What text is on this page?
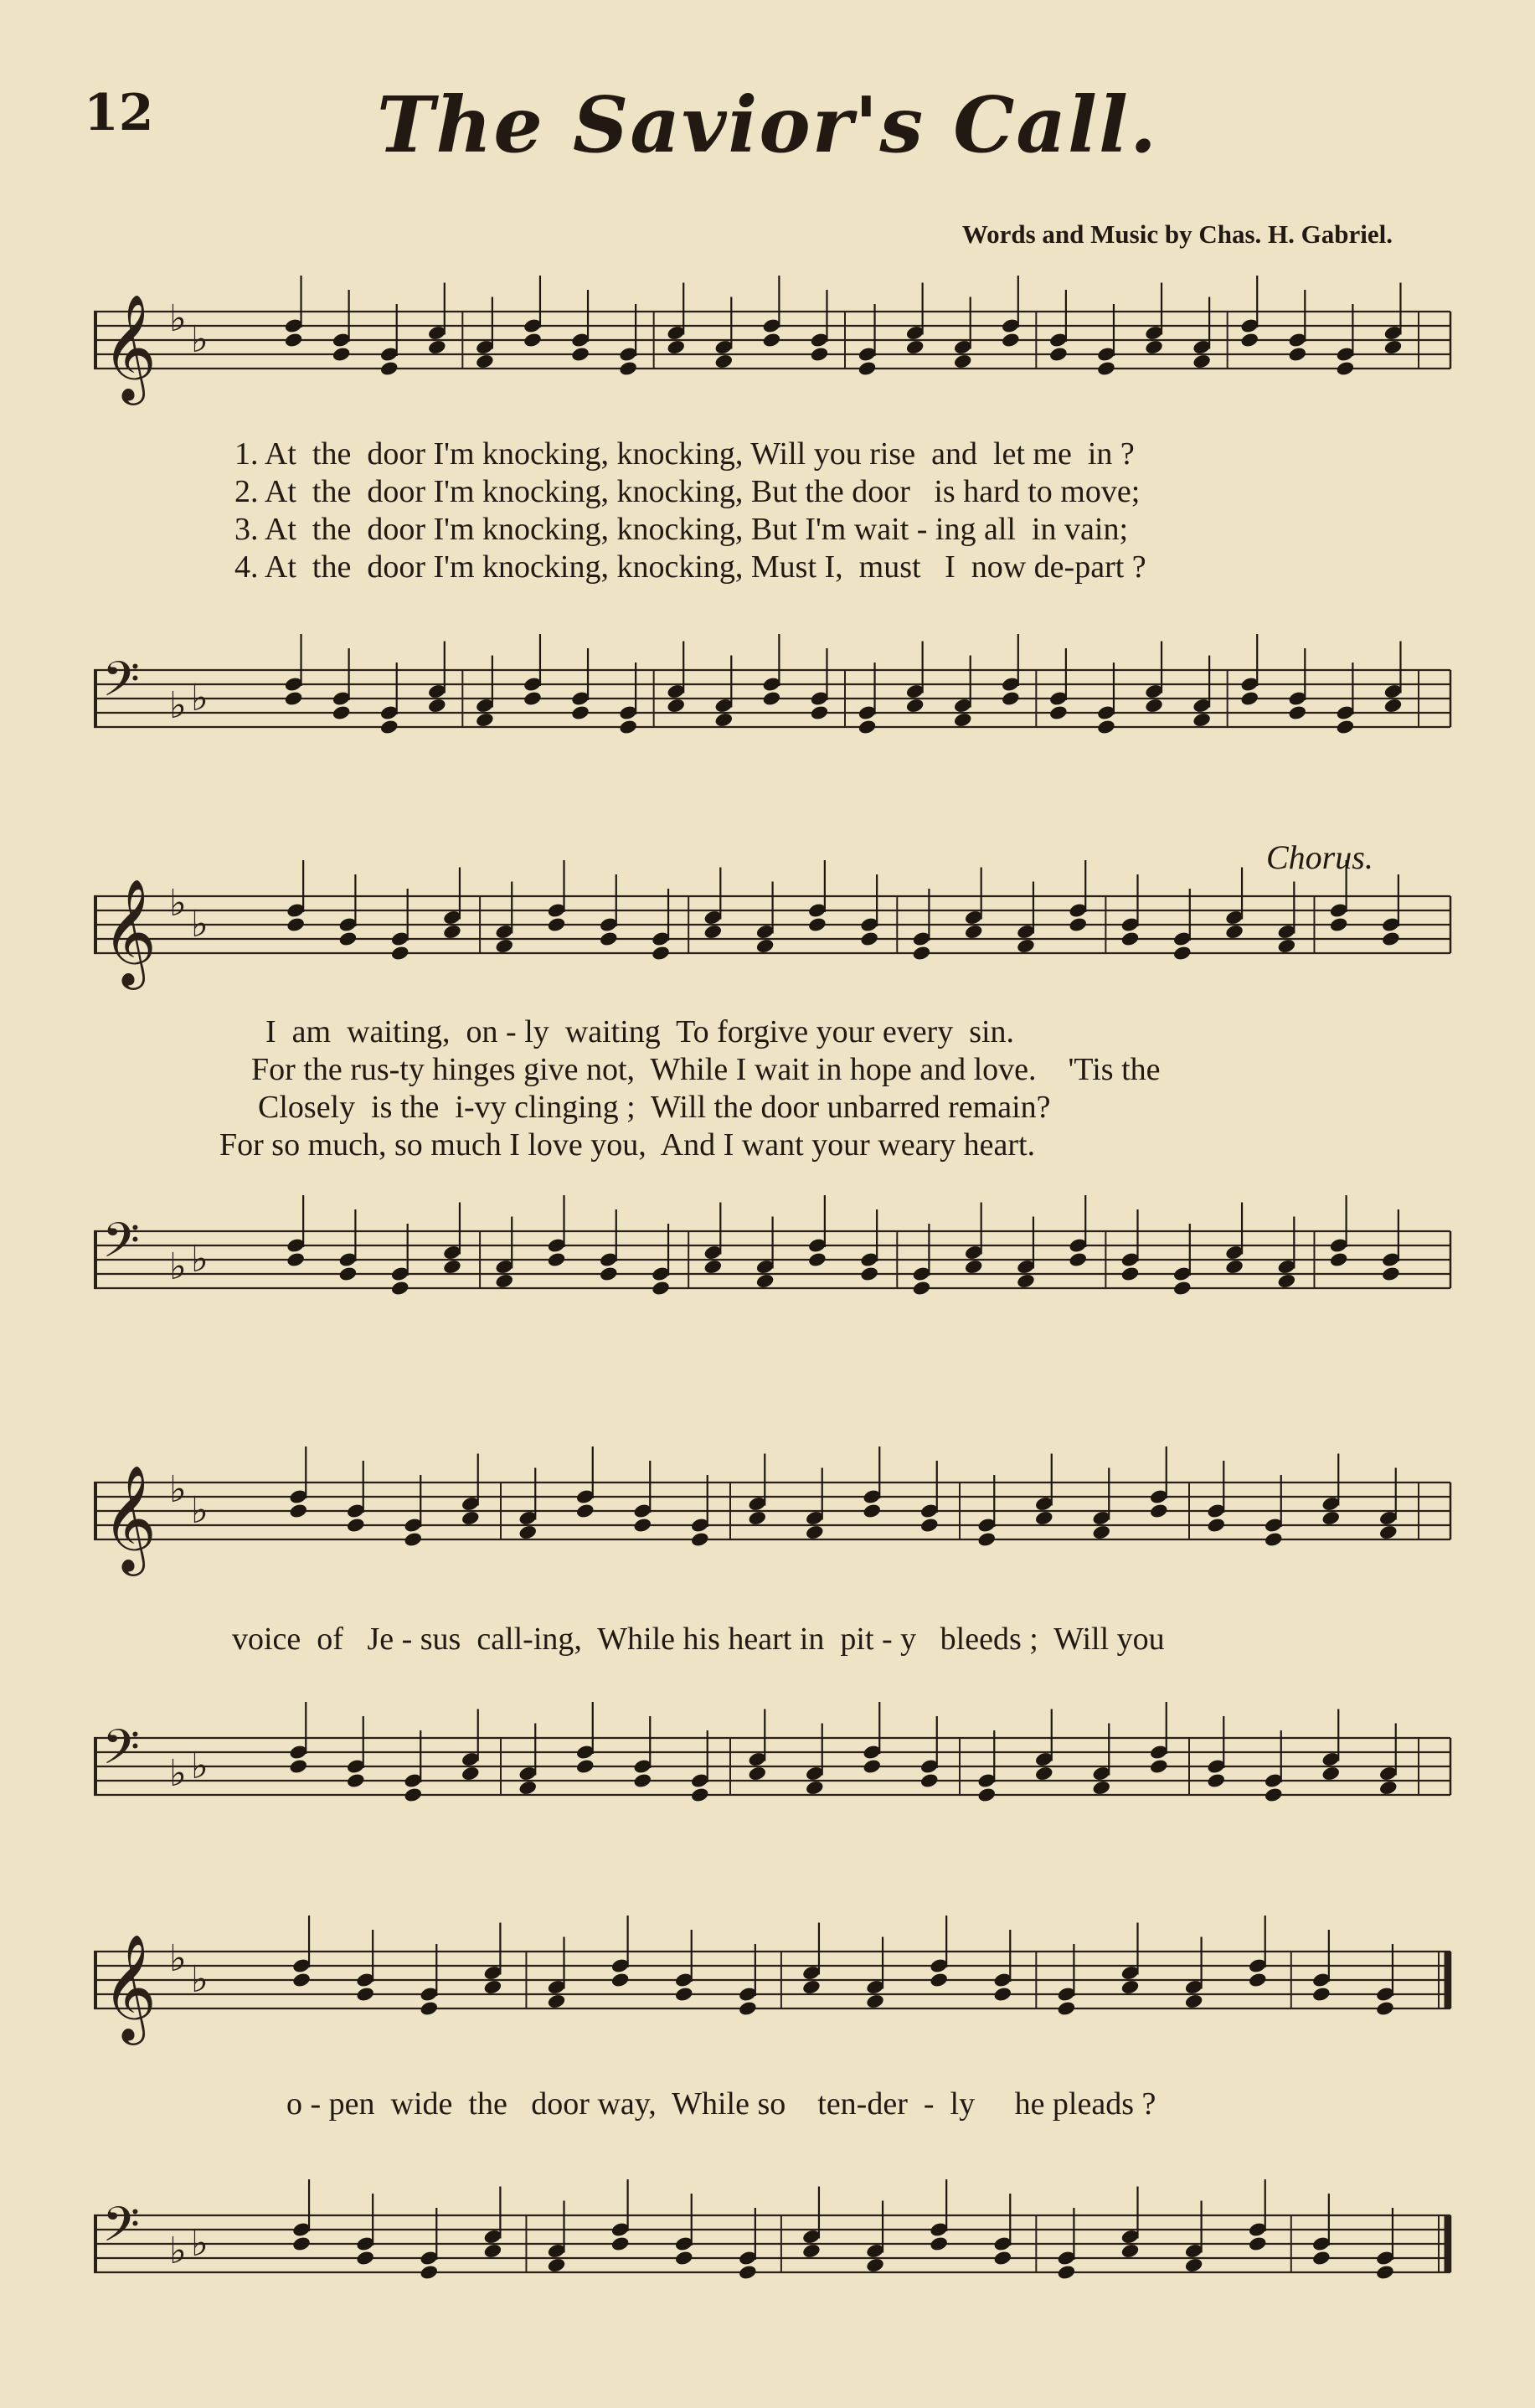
12	The Savior's Call.
Words and Music by Chas. H. Gabriel.
𝄞 ♭ ♭
1. At  the  door I'm knocking, knocking, Will you rise  and  let me  in ?
2. At  the  door I'm knocking, knocking, But the door   is hard to move;
3. At  the  door I'm knocking, knocking, But I'm wait - ing all  in vain;
4. At  the  door I'm knocking, knocking, Must I,  must   I  now de-part ?
𝄢 ♭ ♭
Chorus.
𝄞 ♭ ♭
I  am  waiting,  on - ly  waiting  To forgive your every  sin.
For the rus-ty hinges give not,  While I wait in hope and love.    'Tis the
Closely  is the  i-vy clinging ;  Will the door unbarred remain?
For so much, so much I love you,  And I want your weary heart.
𝄢 ♭ ♭
𝄞 ♭ ♭
voice  of   Je - sus  call-ing,  While his heart in  pit - y   bleeds ;  Will you
𝄢 ♭ ♭
𝄞 ♭ ♭
o - pen  wide  the   door way,  While so    ten-der  -  ly     he pleads ?
𝄢 ♭ ♭
